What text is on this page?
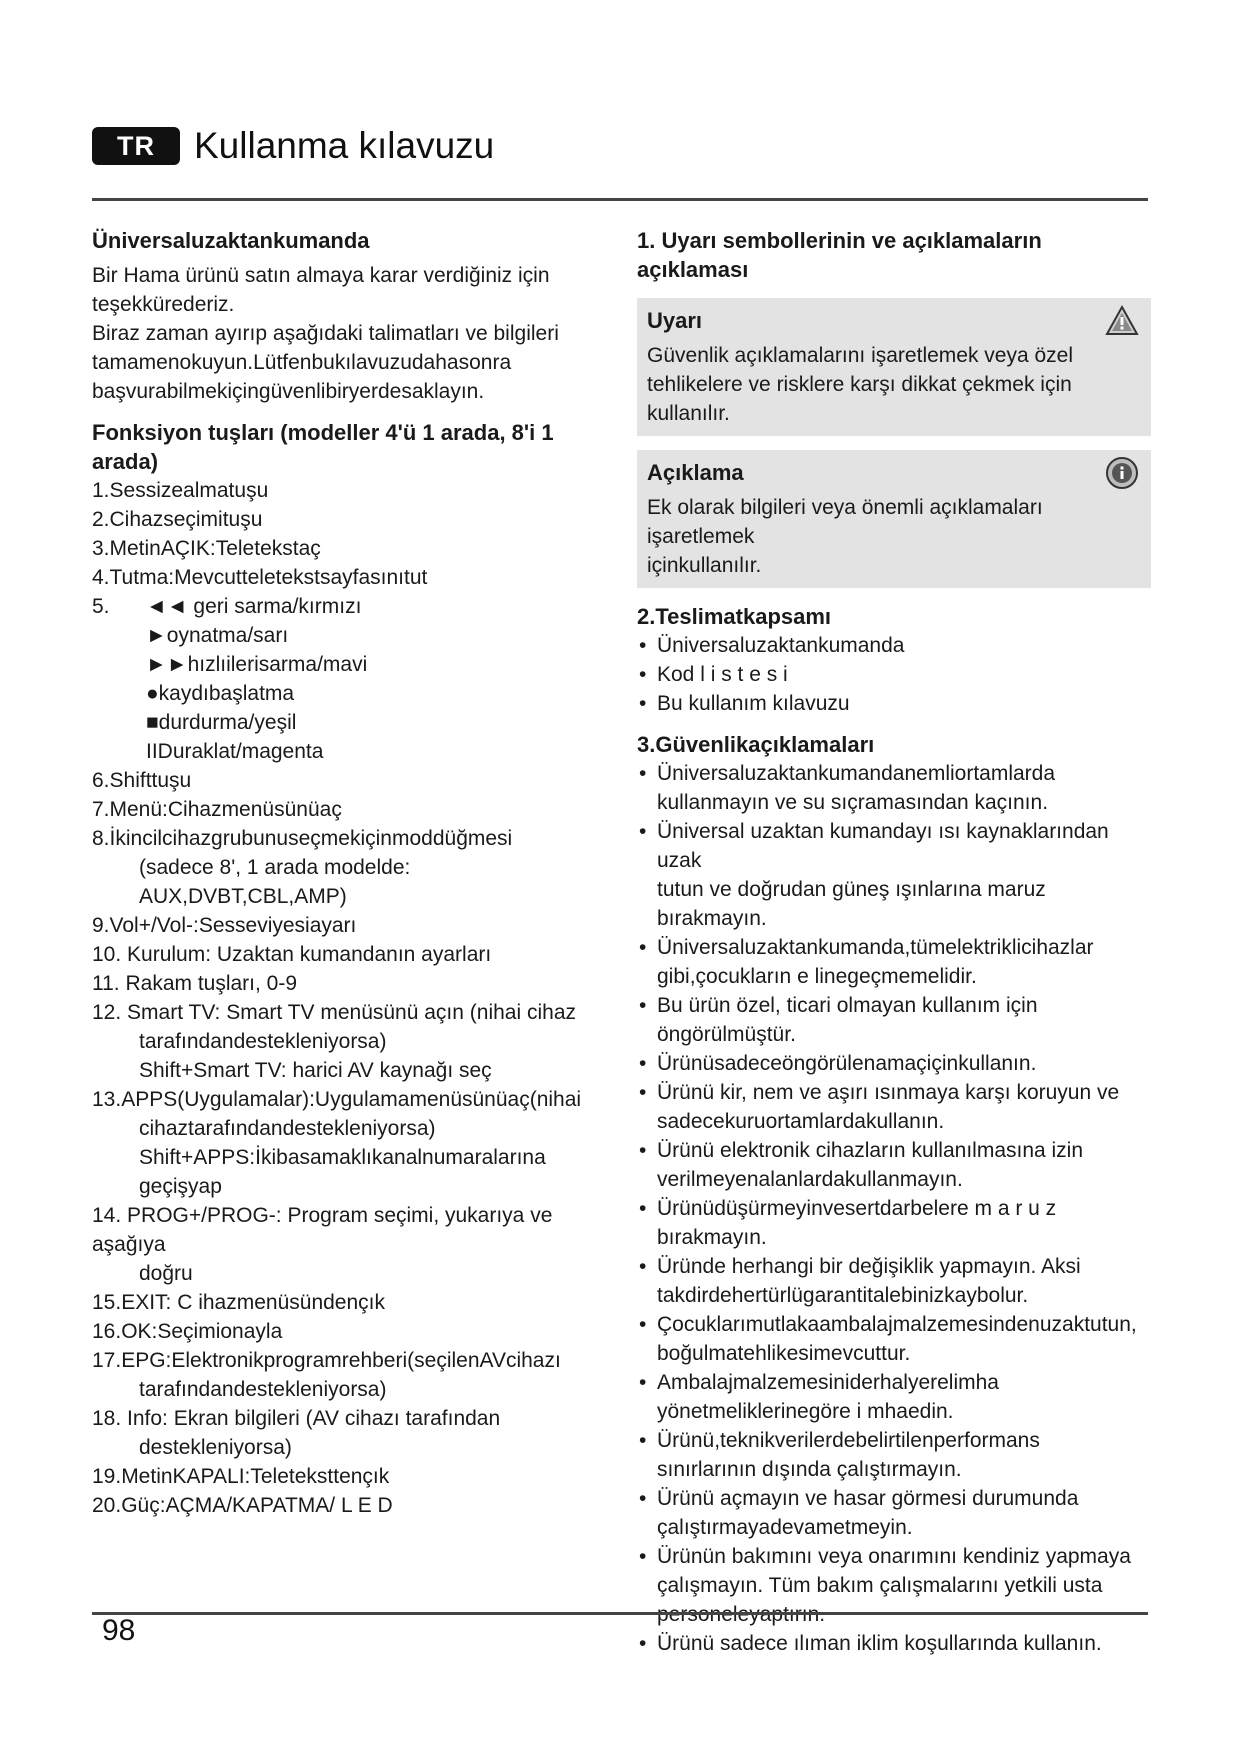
TR	Kullanma kılavuzu

Üniversaluzaktankumanda

Bir Hama ürünü satın almaya karar verdiğiniz için

teşekkürederiz.

Biraz zaman ayırıp aşağıdaki talimatları ve bilgileri

tamamenokuyun.Lütfenbukılavuzudahasonra

başvurabilmekiçingüvenlibiryerdesaklayın.

Fonksiyon tuşları (modeller 4'ü 1 arada, 8'i 1

arada)

1.Sessizealmatuşu
2.Cihazseçimituşu
3.MetinAÇIK:Teletekstaç
4.Tutma:Mevcutteletekstsayfasınıtut
5.	◄◄ geri sarma/kırmızı
►oynatma/sarı
►►hızlıilerisarma/mavi
●kaydıbaşlatma
■durdurma/yeşil
IIDuraklat/magenta
6.Shifttuşu
7.Menü:Cihazmenüsünüaç
8.İkincilcihazgrubunuseçmekiçinmoddüğmesi
(sadece 8', 1 arada modelde: AUX,DVBT,CBL,AMP)
9.Vol+/Vol-:Sesseviyesiayarı
10. Kurulum: Uzaktan kumandanın ayarları
11. Rakam tuşları, 0-9
12. Smart TV: Smart TV menüsünü açın (nihai cihaz
tarafındandestekleniyorsa)
Shift+Smart TV: harici AV kaynağı seç
13.APPS(Uygulamalar):Uygulamamenüsünüaç(nihai
cihaztarafındandestekleniyorsa)
Shift+APPS:İkibasamaklıkanalnumaralarına
geçişyap
14. PROG+/PROG-: Program seçimi, yukarıya ve aşağıya
doğru
15.EXIT: C ihazmenüsündençık
16.OK:Seçimionayla
17.EPG:Elektronikprogramrehberi(seçilenAVcihazı
tarafındandestekleniyorsa)
18. Info: Ekran bilgileri (AV cihazı tarafından
destekleniyorsa)
19.MetinKAPALI:Teleteksttençık
20.Güç:AÇMA/KAPATMA/ L E D

1. Uyarı sembollerinin ve açıklamaların açıklaması

Uyarı

Güvenlik açıklamalarını işaretlemek veya özel

tehlikelere ve risklere karşı dikkat çekmek için

kullanılır.

Açıklama

Ek olarak bilgileri veya önemli açıklamaları işaretlemek

içinkullanılır.

2.Teslimatkapsamı

• Üniversaluzaktankumanda
• Kod l i s t e s i
• Bu kullanım kılavuzu

3.Güvenlikaçıklamaları

• Üniversaluzaktankumandanemliortamlarda
kullanmayın ve su sıçramasından kaçının.
• Üniversal uzaktan kumandayı ısı kaynaklarından uzak
tutun ve doğrudan güneş ışınlarına maruz bırakmayın.
• Üniversaluzaktankumanda,tümelektriklicihazlar
gibi,çocukların e linegeçmemelidir.
• Bu ürün özel, ticari olmayan kullanım için
öngörülmüştür.
• Ürünüsadeceöngörülenamaçiçinkullanın.
• Ürünü kir, nem ve aşırı ısınmaya karşı koruyun ve
sadecekuruortamlardakullanın.
• Ürünü elektronik cihazların kullanılmasına izin
verilmeyenalanlardakullanmayın.
• Ürünüdüşürmeyinvesertdarbelere m a r u z
bırakmayın.
• Üründe herhangi bir değişiklik yapmayın. Aksi
takdirdehertürlügarantitalebinizkaybolur.
• Çocuklarımutlakaambalajmalzemesindenuzaktutun,
boğulmatehlikesimevcuttur.
• Ambalajmalzemesiniderhalyerelimha
yönetmeliklerinegöre i mhaedin.
• Ürünü,teknikverilerdebelirtilenperformans
sınırlarının dışında çalıştırmayın.
• Ürünü açmayın ve hasar görmesi durumunda
çalıştırmayadevametmeyin.
• Ürünün bakımını veya onarımını kendiniz yapmaya
çalışmayın. Tüm bakım çalışmalarını yetkili usta
• Ürünü sadece ılıman iklim koşullarında kullanın.
98
